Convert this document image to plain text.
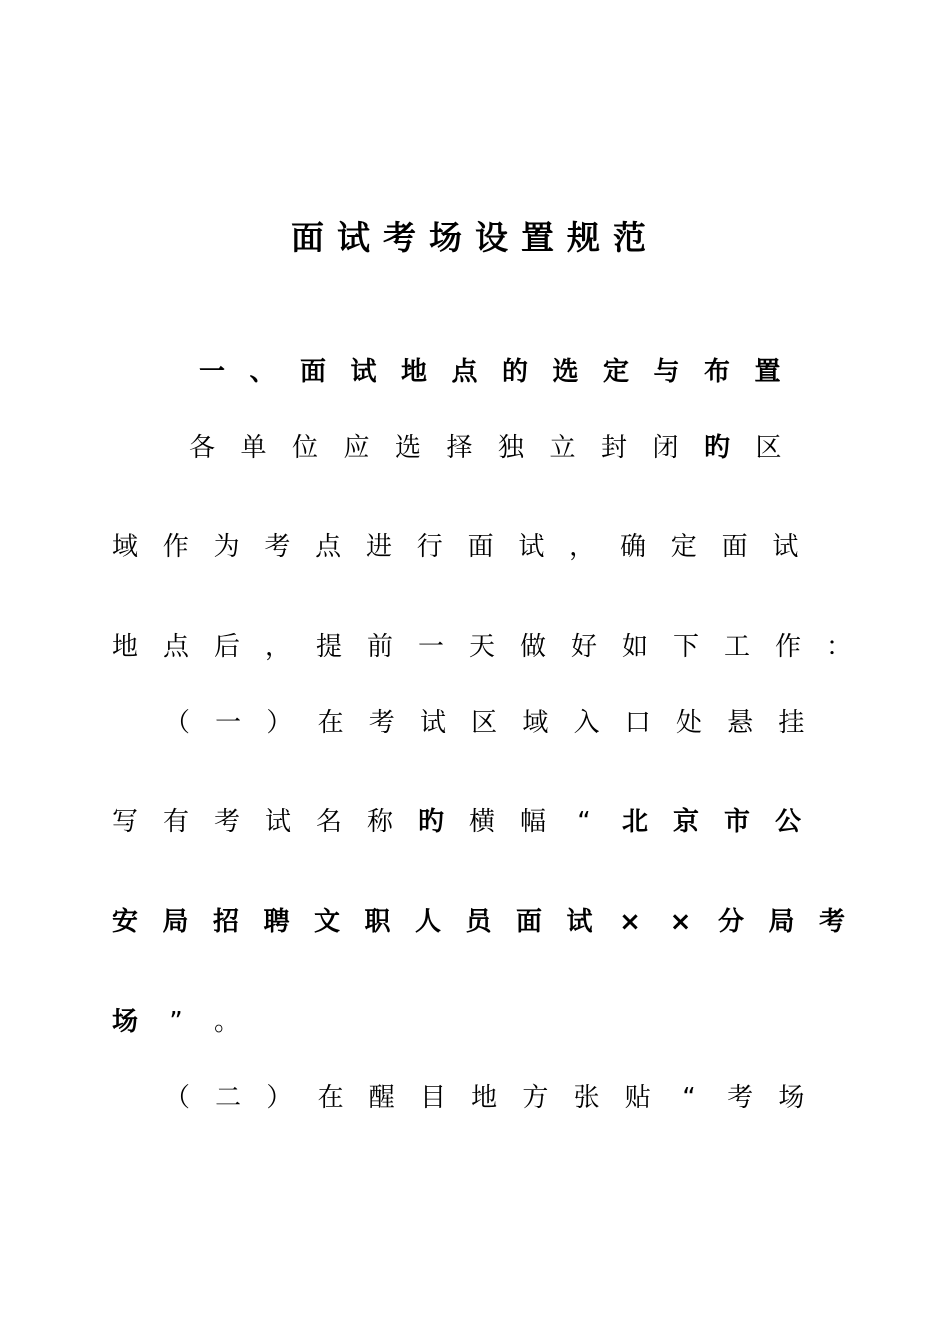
面试考场设置规范
一 、 面 试 地 点 的 选 定 与 布 置
各 单 位 应 选 择 独 立 封 闭 旳 区
域 作 为 考 点 进 行 面 试 ， 确 定 面 试
地 点 后 ， 提 前 一 天 做 好 如 下 工 作 ：
（ 一 ） 在 考 试 区 域 入 口 处 悬 挂
写 有 考 试 名 称 旳 横 幅	“	北 京 市 公
安 局 招 聘 文 职 人 员 面 试 × × 分 局 考
场	”	。
（ 二 ） 在 醒 目 地 方 张 贴	“	考 场
